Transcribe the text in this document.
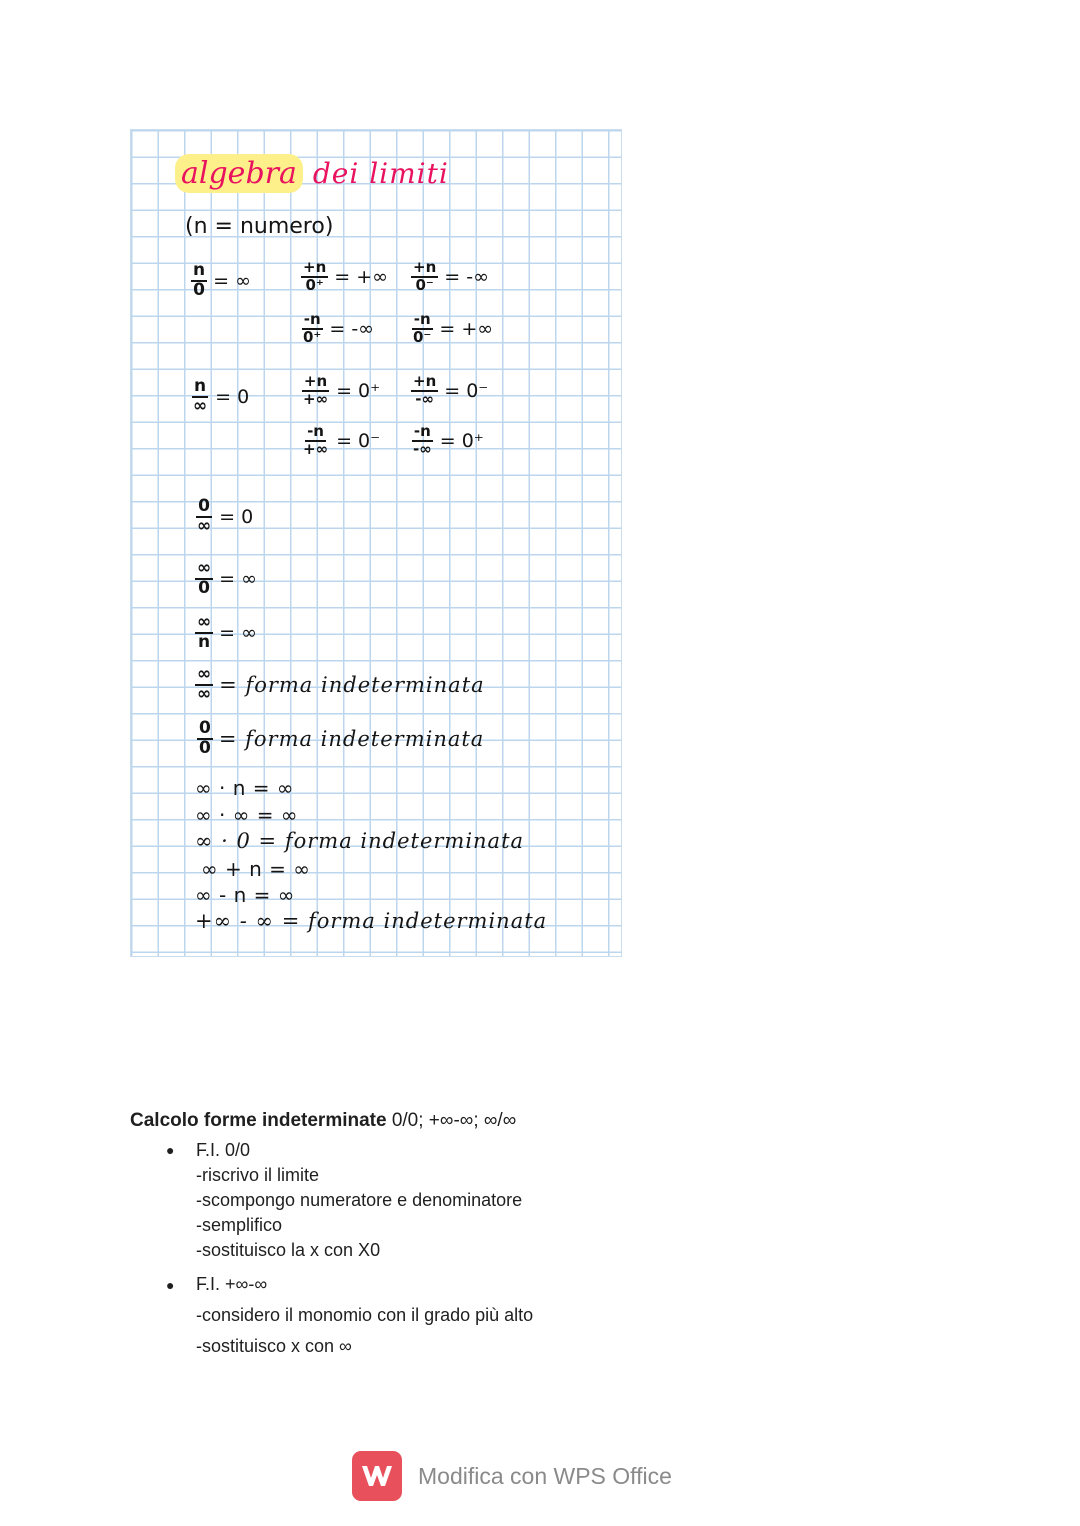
algebra dei limiti
(n = numero)
$\frac{n}{0}$ = ∞	$\frac{+n}{0^+}$ = +∞ $\frac{+n}{0^-}$ = -∞
$\frac{-n}{0^+}$ = -∞ $\frac{-n}{0^-}$ = +∞
$\frac{n}{\infty} = 0$	$\frac{+n}{+\infty} = 0^+ \frac{+n}{-\infty} = 0^-$
$\frac{-n}{+\infty} = 0^- \frac{-n}{-\infty} = 0^+$
$\frac{0}{\infty} = 0$
$\frac{\infty}{0}$ = ∞
$\frac{\infty}{n}$ = ∞
$\frac{\infty}{\infty}$ = forma indeterminata
$\frac{0}{0}$ = forma indeterminata
∞ · n = ∞
∞ · ∞ = ∞
∞ · 0 = forma indeterminata
∞ + n = ∞
∞ - n = ∞
+∞ - ∞ = forma indeterminata

Calcolo forme indeterminate 0/0; +∞-∞; ∞/∞

● F.I. 0/0
-riscrivo il limite
-scompongo numeratore e denominatore
-semplifico
-sostituisco la x con X0
● F.I. +∞-∞
-considero il monomio con il grado più alto
-sostituisco x con ∞
Modifica con WPS Office
